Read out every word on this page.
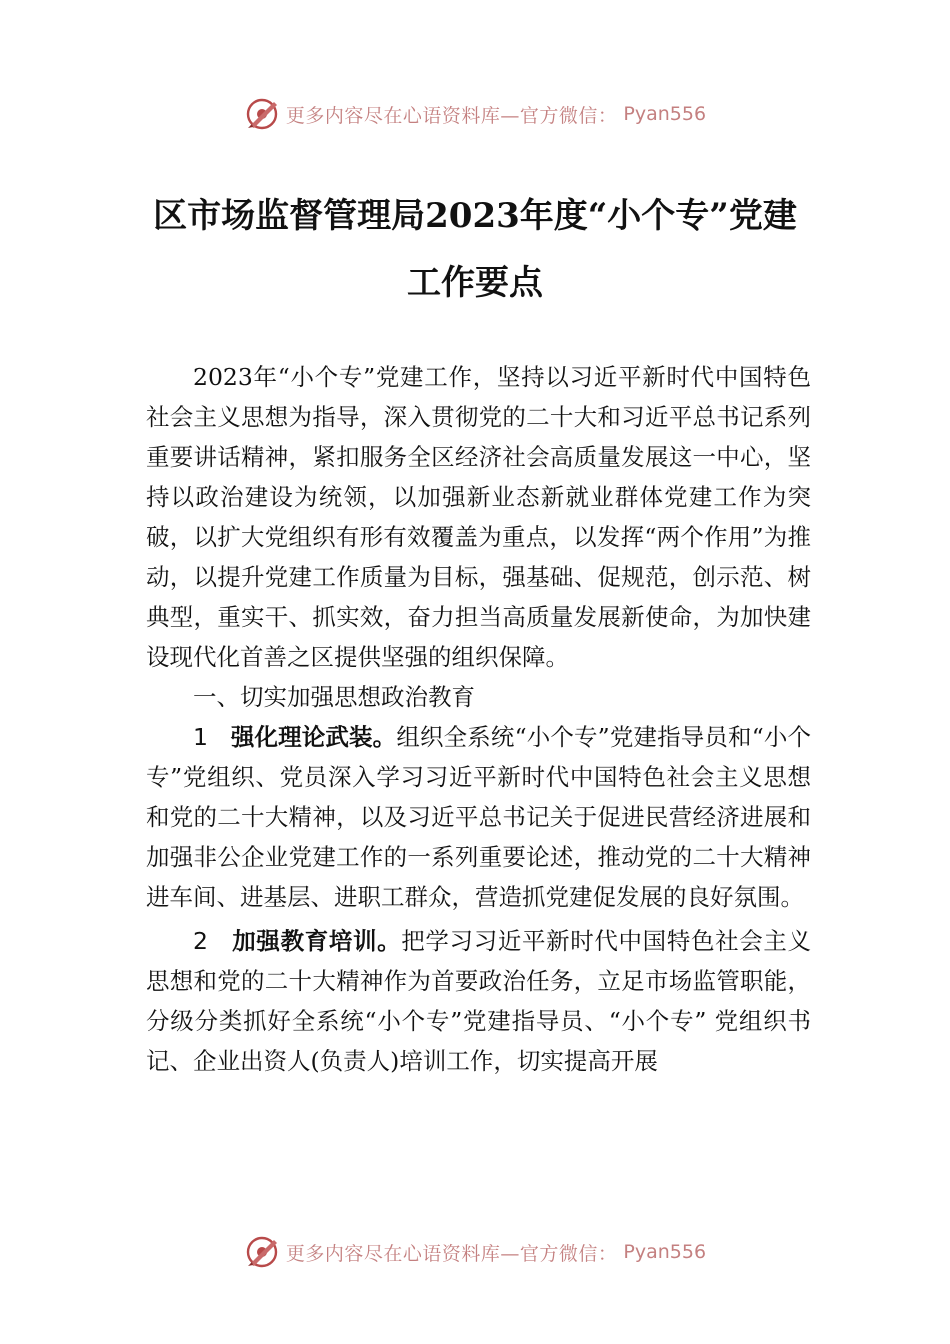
更多内容尽在心语资料库—官方微信： Pyan556
区市场监督管理局2023年度“小个专”党建
工作要点

2023年“小个专”党建工作，坚持以习近平新时代中国特色社会主义思想为指导，深入贯彻党的二十大和习近平总书记系列重要讲话精神，紧扣服务全区经济社会高质量发展这一中心，坚持以政治建设为统领，以加强新业态新就业群体党建工作为突破，以扩大党组织有形有效覆盖为重点，以发挥“两个作用”为推动，以提升党建工作质量为目标，强基础、促规范，创示范、树典型，重实干、抓实效，奋力担当高质量发展新使命，为加快建设现代化首善之区提供坚强的组织保障。

一、切实加强思想政治教育

1 强化理论武装。组织全系统“小个专”党建指导员和“小个专”党组织、党员深入学习习近平新时代中国特色社会主义思想和党的二十大精神，以及习近平总书记关于促进民营经济进展和加强非公企业党建工作的一系列重要论述，推动党的二十大精神进车间、进基层、进职工群众，营造抓党建促发展的良好氛围。

2 加强教育培训。把学习习近平新时代中国特色社会主义思想和党的二十大精神作为首要政治任务，立足市场监管职能，分级分类抓好全系统“小个专”党建指导员、“小个专” 党组织书记、企业出资人(负责人)培训工作，切实提高开展

更多内容尽在心语资料库—官方微信： Pyan556
